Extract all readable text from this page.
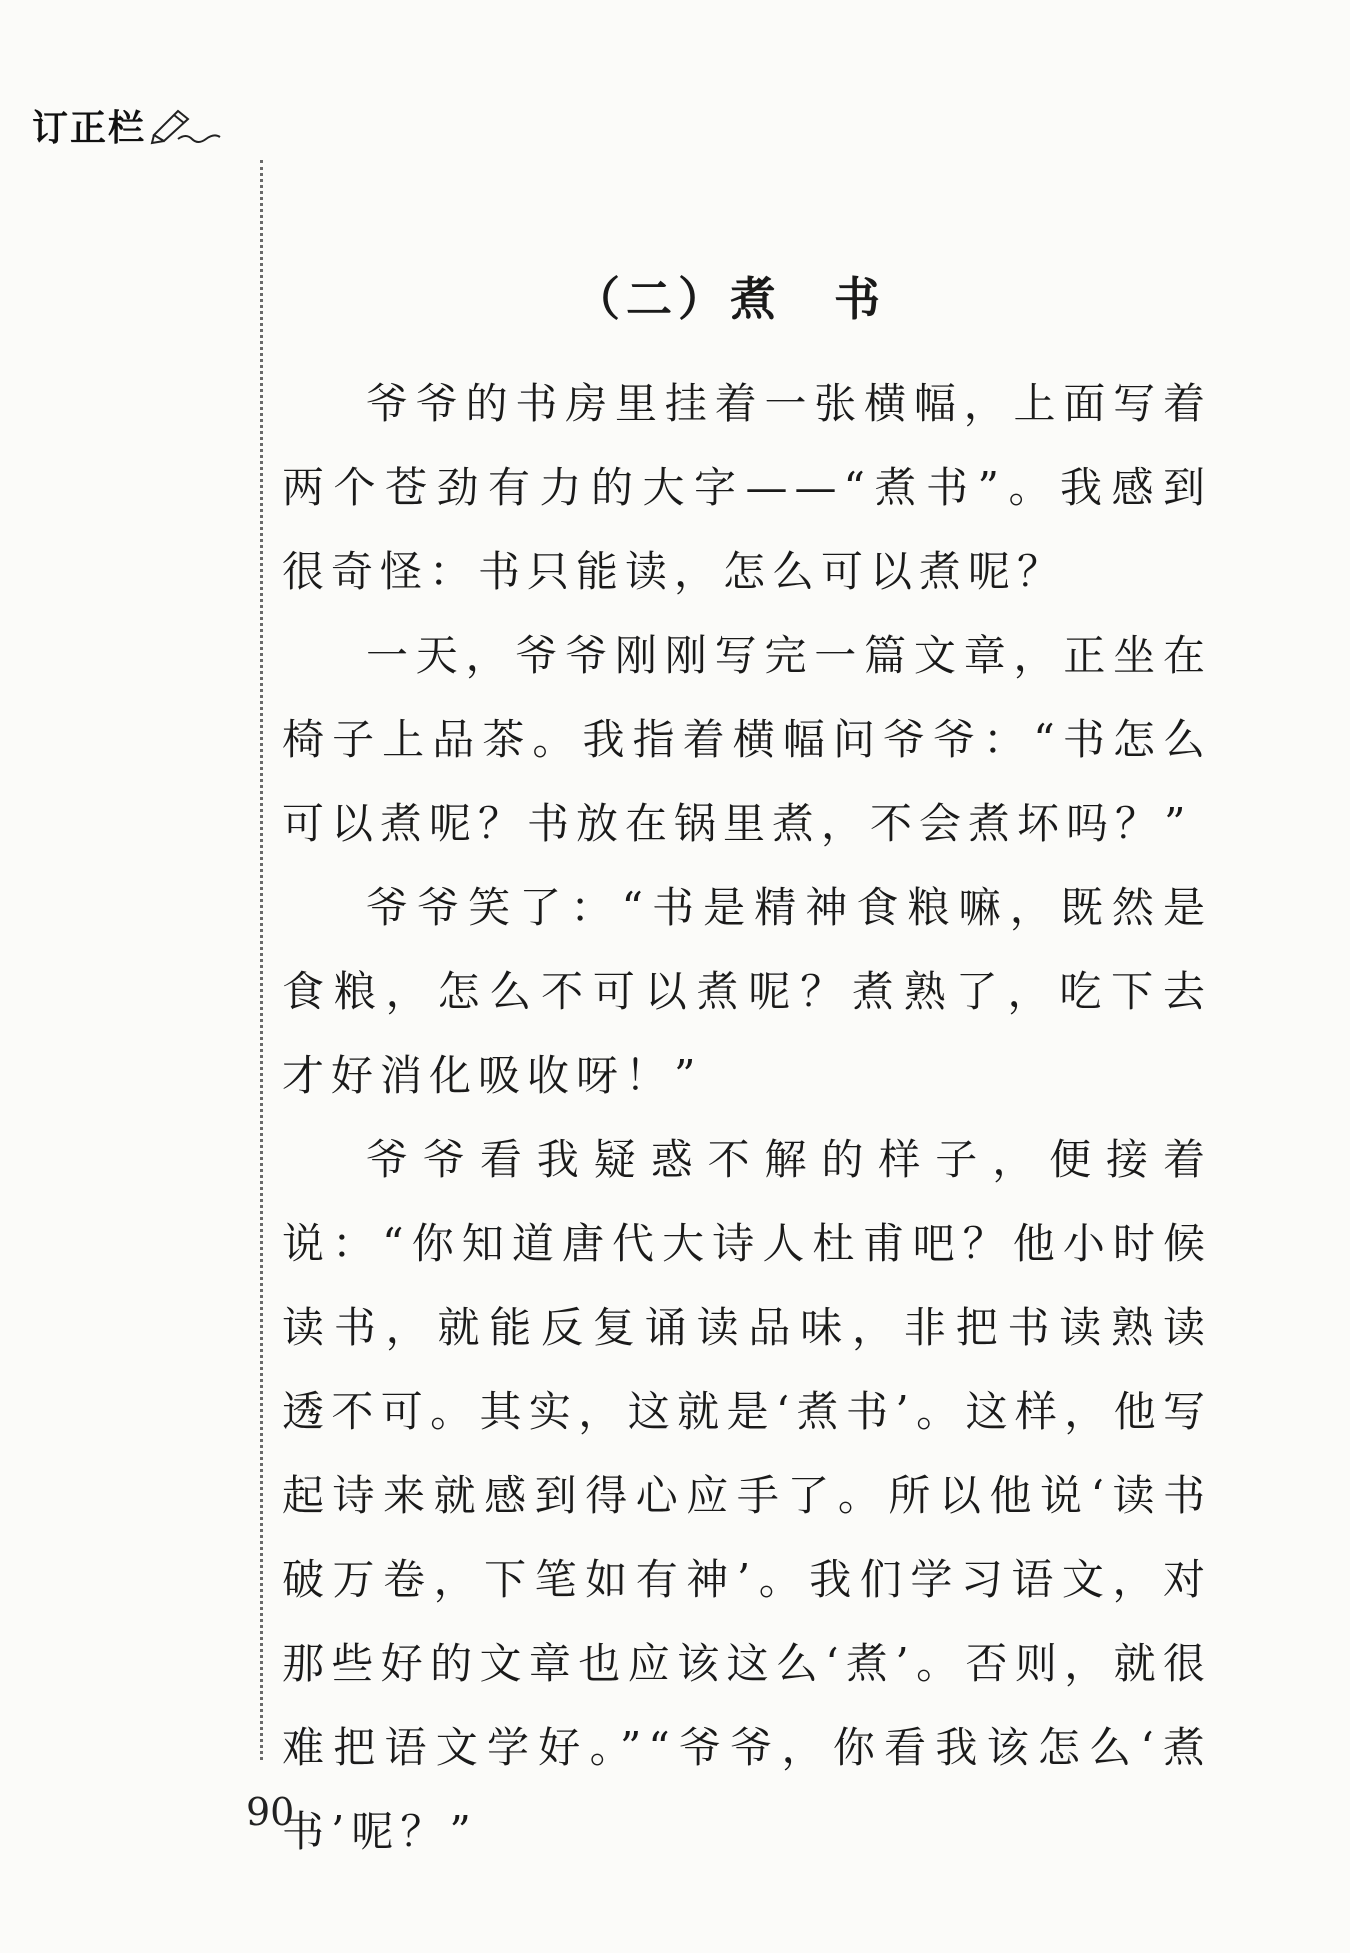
订正栏
（二）煮　书

爷爷的书房里挂着一张横幅，上面写着两个苍劲有力的大字——“煮书”。我感到很奇怪：书只能读，怎么可以煮呢？

一天，爷爷刚刚写完一篇文章，正坐在椅子上品茶。我指着横幅问爷爷：“书怎么可以煮呢？书放在锅里煮，不会煮坏吗？”

爷爷笑了：“书是精神食粮嘛，既然是食粮，怎么不可以煮呢？煮熟了，吃下去才好消化吸收呀！”

爷爷看我疑惑不解的样子，便接着说：“你知道唐代大诗人杜甫吧？他小时候读书，就能反复诵读品味，非把书读熟读透不可。其实，这就是‘煮书’。这样，他写起诗来就感到得心应手了。所以他说‘读书破万卷，下笔如有神’。我们学习语文，对那些好的文章也应该这么‘煮’。否则，就很难把语文学好。”“爷爷，你看我该怎么‘煮书’呢？”

90
